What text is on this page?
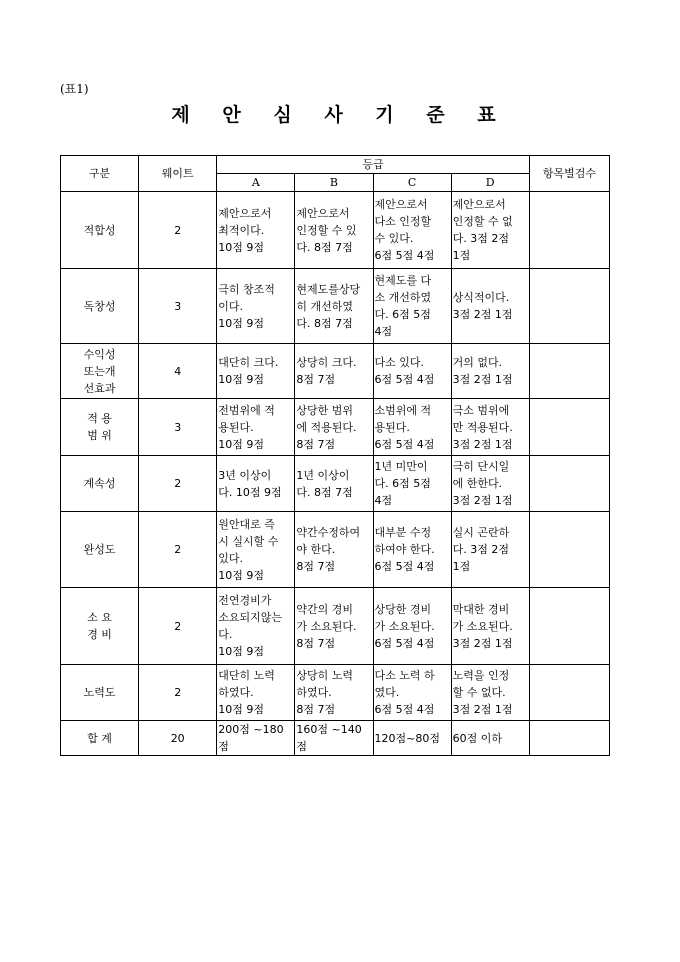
(표1)
제 안 심 사 기 준 표
구분	웨이트	등급				항목별검수
		A	B	C	D	
적합성	2	제안으로서
최적이다.
10점 9점	제안으로서
인정할 수 있
다. 8점 7점	제안으로서
다소 인정할
수 있다.
6점 5점 4점	제안으로서
인정할 수 없
다. 3점 2점
1점	
독창성	3	극히 창조적
이다.
10점 9점	현제도를상당
히 개선하였
다. 8점 7점	현제도를 다
소 개선하였
다. 6점 5점
4점	상식적이다.
3점 2점 1점	
수익성
또는개
선효과	4	대단히 크다.
10점 9점	상당히 크다.
8점 7점	다소 있다.
6점 5점 4점	거의 없다.
3점 2점 1점	
적 용
범 위	3	전범위에 적
용된다.
10점 9점	상당한 범위
에 적용된다.
8점 7점	소범위에 적
용된다.
6점 5점 4점	극소 범위에
만 적용된다.
3점 2점 1점	
계속성	2	3년 이상이
다. 10점 9점	1년 이상이
다. 8점 7점	1년 미만이
다. 6점 5점
4점	극히 단시일
에 한한다.
3점 2점 1점	
완성도	2	원안대로 즉
시 실시할 수
있다.
10점 9점	약간수정하여
야 한다.
8점 7점	대부분 수정
하여야 한다.
6점 5점 4점	실시 곤란하
다. 3점 2점
1점	
소 요
경 비	2	전연경비가
소요되지않는
다.
10점 9점	약간의 경비
가 소요된다.
8점 7점	상당한 경비
가 소요된다.
6점 5점 4점	막대한 경비
가 소요된다.
3점 2점 1점	
노력도	2	대단히 노력
하였다.
10점 9점	상당히 노력
하였다.
8점 7점	다소 노력 하
였다.
6점 5점 4점	노력을 인정
할 수 없다.
3점 2점 1점	
합 계	20	200점 ~180
점	160점 ~140
점	120점~80점	60점 이하	
